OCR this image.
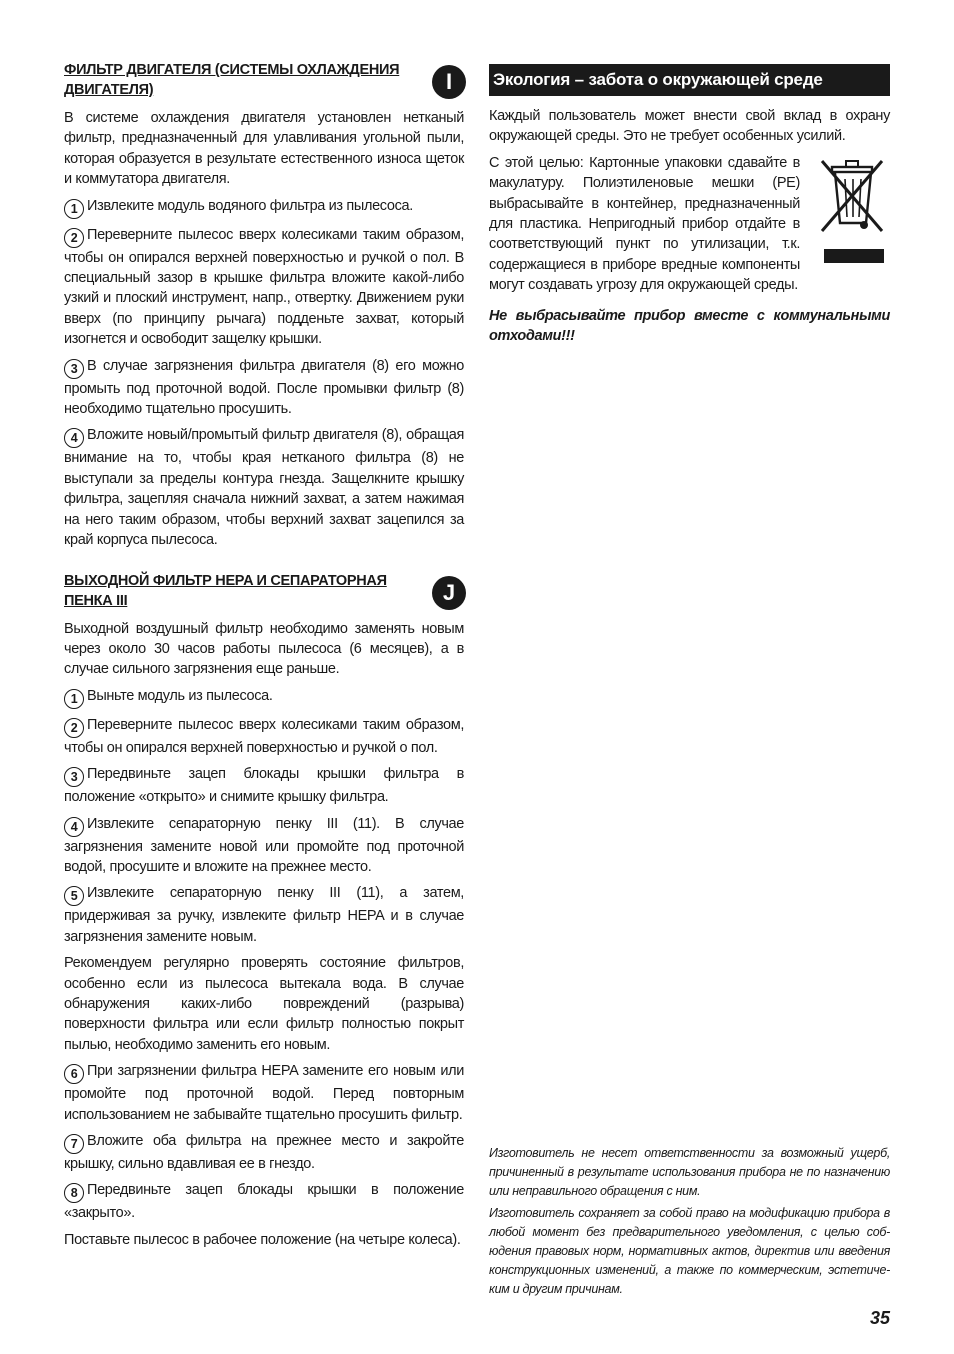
ФИЛЬТР ДВИГАТЕЛЯ (СИСТЕМЫ ОХЛАЖДЕНИЯ ДВИГАТЕЛЯ)	I

В системе охлаждения двигателя установлен нетканый фильтр, предназначенный для улавливания угольной пыли, которая образуется в результате естественного износа щеток и коммутатора двигателя.

1 Извлеките модуль водяного фильтра из пылесоса.

2 Переверните пылесос вверх колесиками таким образом, чтобы он опирался верхней поверхностью и ручкой о пол. В специальный зазор в крышке фильтра вложите какой-либо узкий и плоский инструмент, напр., отвертку. Движением руки вверх (по принципу рычага) подденьте захват, который изогнется и освободит защелку крышки.

3 В случае загрязнения фильтра двигателя (8) его можно промыть под проточной водой. После промывки фильтр (8) необходимо тщательно просушить.

4 Вложите новый/промытый фильтр двигателя (8), обращая внимание на то, чтобы края нетканого фильтра (8) не выступали за пределы контура гнезда. Защелкните крышку фильтра, зацепляя сначала нижний захват, а затем нажимая на него таким образом, чтобы верхний захват зацепился за край корпуса пылесоса.

ВЫХОДНОЙ ФИЛЬТР HEPA И СЕПАРАТОРНАЯ ПЕНКА III	J

Выходной воздушный фильтр необходимо заменять новым через около 30 часов работы пылесоса (6 месяцев), а в случае сильного загрязнения еще раньше.

1 Выньте модуль из пылесоса.

2 Переверните пылесос вверх колесиками таким образом, чтобы он опирался верхней поверхностью и ручкой о пол.

3 Передвиньте зацеп блокады крышки фильтра в положение «открыто» и снимите крышку фильтра.

4 Извлеките сепараторную пенку III (11). В случае загрязнения замените новой или промойте под проточной водой, просушите и вложите на прежнее место.

5 Извлеките сепараторную пенку III (11), а затем, придерживая за ручку, извлеките фильтр HEPA и в случае загрязнения замените новым.

Рекомендуем регулярно проверять состояние фильтров, особенно если из пылесоса вытекала вода. В случае обнаружения каких-либо повреждений (разрыва) поверхности фильтра или если фильтр полностью покрыт пылью, необходимо заменить его новым.

6 При загрязнении фильтра HEPA замените его новым или промойте под проточной водой. Перед повторным использованием не забывайте тщательно просушить фильтр.

7 Вложите оба фильтра на прежнее место и закройте крышку, сильно вдавливая ее в гнездо.

8 Передвиньте зацеп блокады крышки в положение «закрыто».

Поставьте пылесос в рабочее положение (на четыре колеса).

Экология – забота о окружающей среде

Каждый пользователь может внести свой вклад в охрану окружающей среды. Это не требует особенных усилий.

С этой целью: Картонные упаковки сдавайте в макулатуру. Полиэтиленовые мешки (PE) выбрасывайте в контейнер, предназначенный для пластика. Непригодный прибор отдайте в соответствующий пункт по утилизации, т.к. содержащиеся в приборе вредные компоненты могут создавать угрозу для окружающей среды.

Не выбрасывайте прибор вместе с коммунальными отходами!!!

Изготовитель не несет ответственности за возможный ущерб, причиненный в результате использования прибора не по назначению или неправильного обращения с ним.

Изготовитель сохраняет за собой право на модификацию прибора в любой момент без предварительного уведомления, с целью соб-юдения правовых норм, нормативных актов, директив или введения конструкционных изменений, а также по коммерческим, эстетиче-ким и другим причинам.

35
